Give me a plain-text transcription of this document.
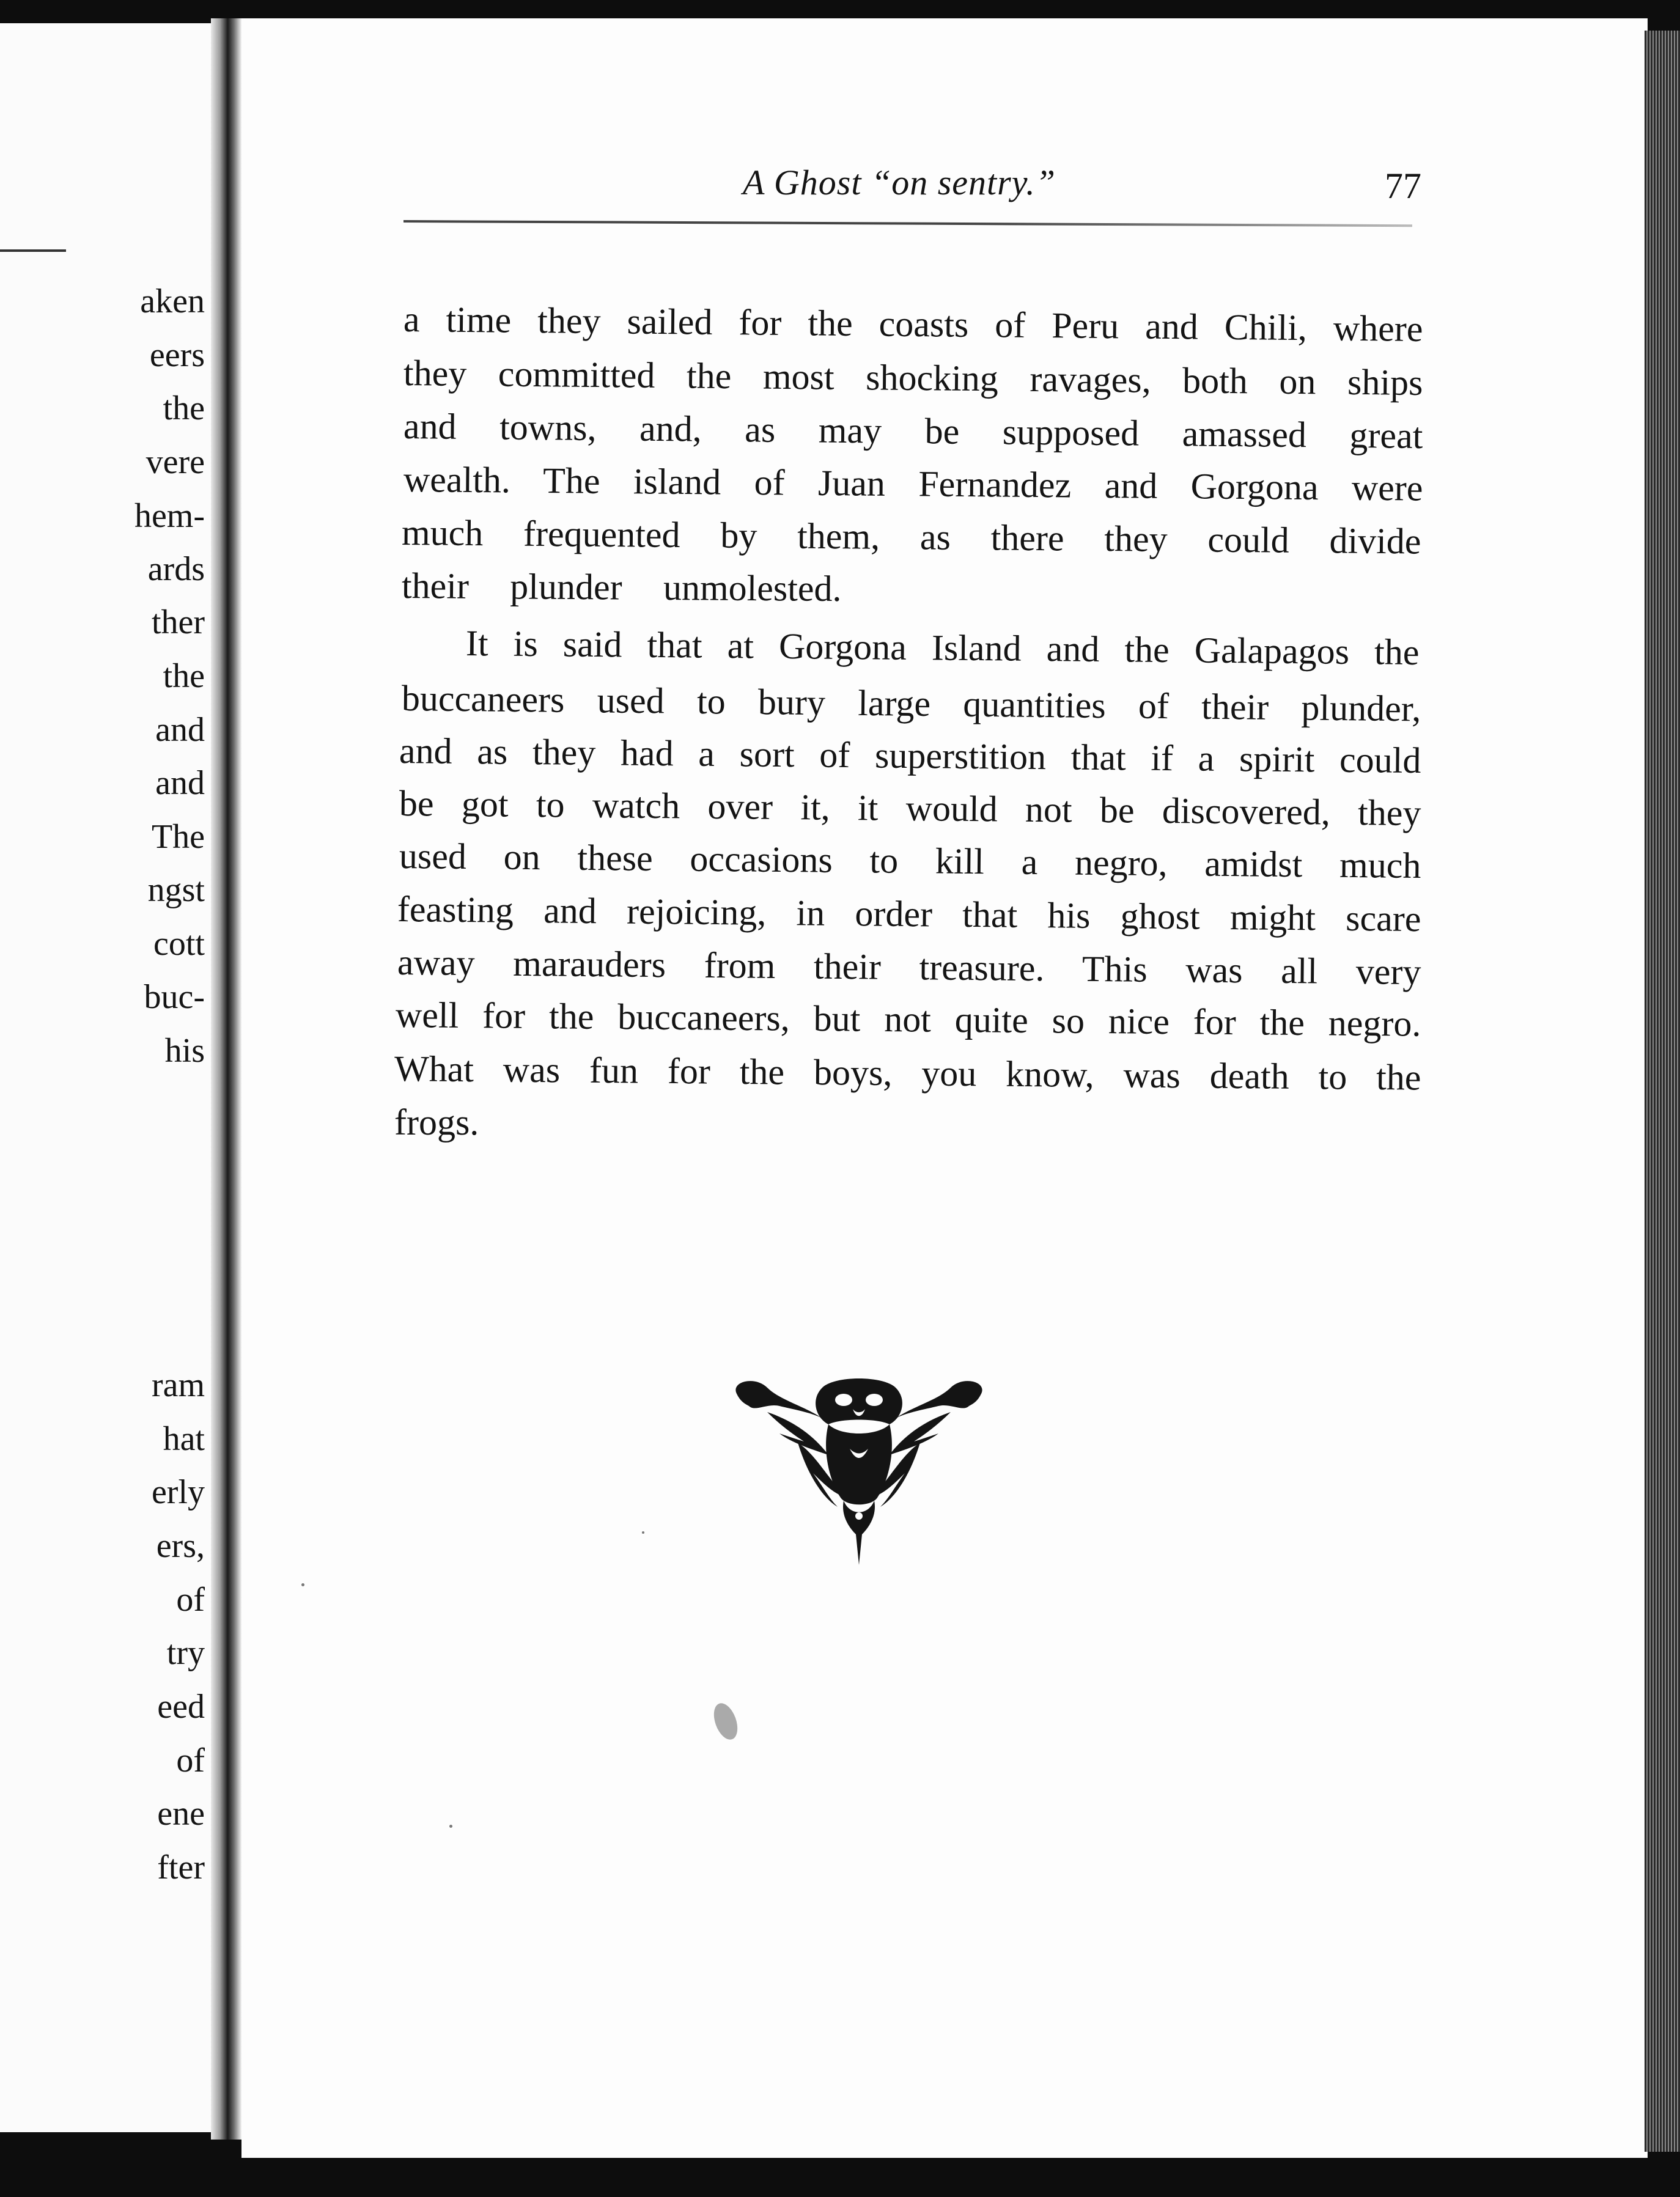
aken
eers
the
vere
hem-
ards
ther
the
and
and
The
ngst
cott
buc-
his
ram
hat
erly
ers,
of
try
eed
of
ene
fter
A Ghost “on sentry.”	77
a time they sailed for the coasts of Peru and Chili, where
they committed the most shocking ravages, both on ships
and towns, and, as may be supposed amassed great
wealth. The island of Juan Fernandez and Gorgona were
much frequented by them, as there they could divide
their plunder unmolested.
It is said that at Gorgona Island and the Galapagos the
buccaneers used to bury large quantities of their plunder,
and as they had a sort of superstition that if a spirit could
be got to watch over it, it would not be discovered, they
used on these occasions to kill a negro, amidst much
feasting and rejoicing, in order that his ghost might scare
away marauders from their treasure. This was all very
well for the buccaneers, but not quite so nice for the negro.
What was fun for the boys, you know, was death to the
frogs.
